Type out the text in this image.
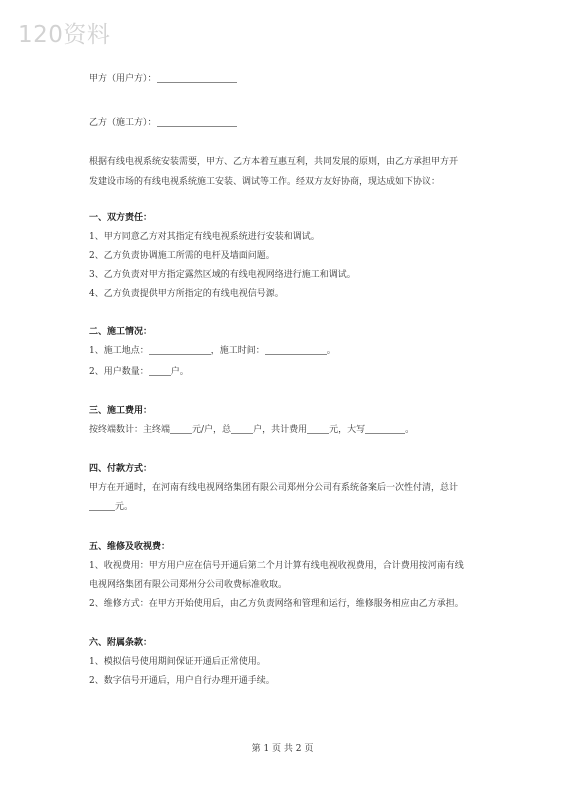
120资料
甲方（用户方）：
乙方（施工方）：
根据有线电视系统安装需要，甲方、乙方本着互惠互利，共同发展的原则，由乙方承担甲方开
发建设市场的有线电视系统施工安装、调试等工作。经双方友好协商，现达成如下协议：
一、双方责任：
1、甲方同意乙方对其指定有线电视系统进行安装和调试。
2、乙方负责协调施工所需的电杆及墙面问题。
3、乙方负责对甲方指定露然区域的有线电视网络进行施工和调试。
4、乙方负责提供甲方所指定的有线电视信号源。
二、施工情况：
1、施工地点：	，施工时间：	。
2、用户数量： 户。
三、施工费用：
按终端数计：主终端 元/户，总 户，共计费用 元，大写	。
四、付款方式：
甲方在开通时，在河南有线电视网络集团有限公司郑州分公司有系统备案后一次性付清，总计
元。
五、维修及收视费：
1、收视费用：甲方用户应在信号开通后第二个月计算有线电视收视费用，合计费用按河南有线
电视网络集团有限公司郑州分公司收费标准收取。
2、维修方式：在甲方开始使用后，由乙方负责网络和管理和运行，维修服务相应由乙方承担。
六、附属条款：
1、模拟信号使用期间保证开通后正常使用。
2、数字信号开通后，用户自行办理开通手续。
第 1 页 共 2 页
